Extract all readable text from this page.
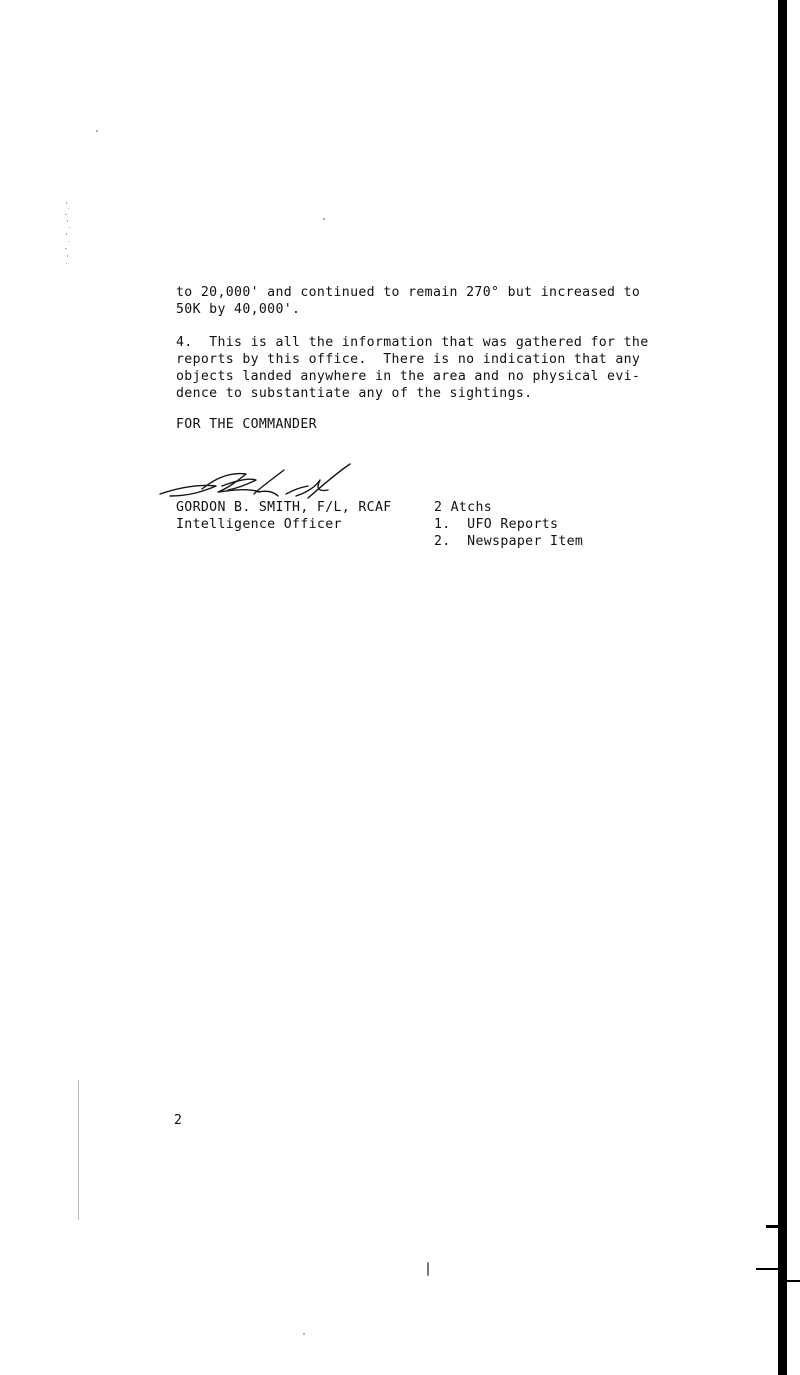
to 20,000' and continued to remain 270° but increased to
50K by 40,000'.
4.  This is all the information that was gathered for the
reports by this office.  There is no indication that any
objects landed anywhere in the area and no physical evi-
dence to substantiate any of the sightings.
FOR THE COMMANDER
GORDON B. SMITH, F/L, RCAF
Intelligence Officer
2 Atchs
1.  UFO Reports
2.  Newspaper Item
2
